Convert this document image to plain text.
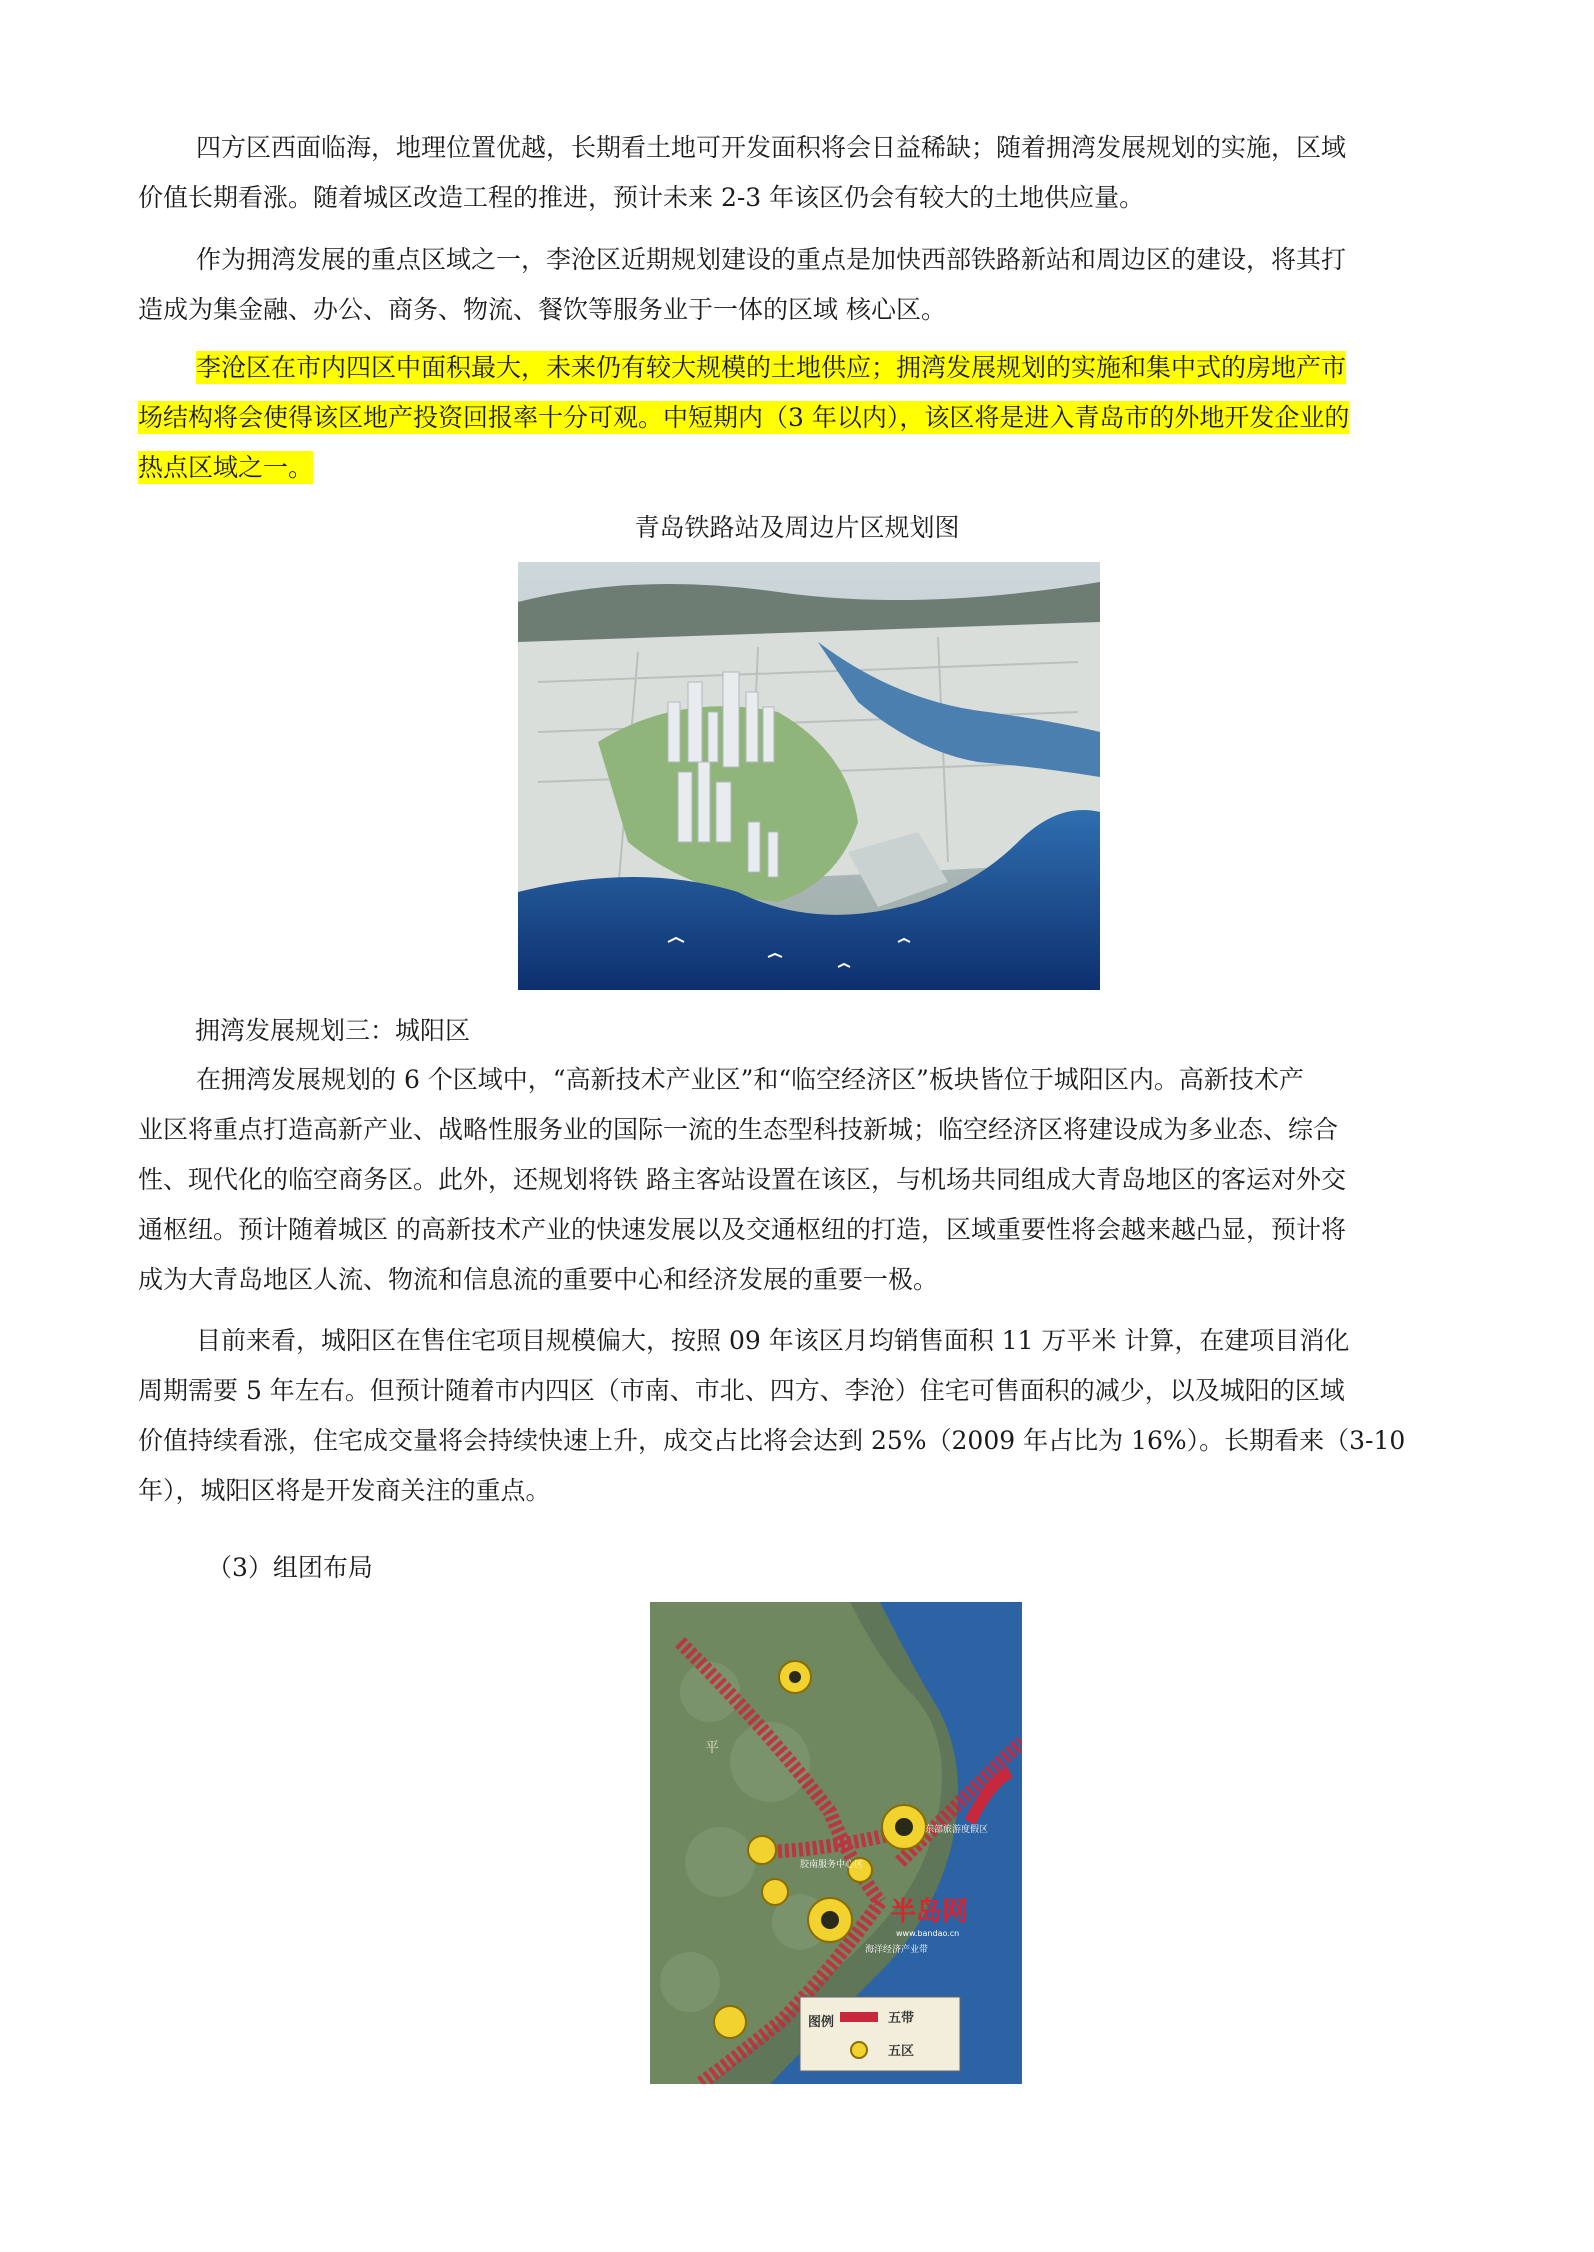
四方区西面临海，地理位置优越，长期看土地可开发面积将会日益稀缺；随着拥湾发展规划的实施，区域
价值长期看涨。随着城区改造工程的推进，预计未来 2-3 年该区仍会有较大的土地供应量。

作为拥湾发展的重点区域之一，李沧区近期规划建设的重点是加快西部铁路新站和周边区的建设，将其打
造成为集金融、办公、商务、物流、餐饮等服务业于一体的区域 核心区。

李沧区在市内四区中面积最大，未来仍有较大规模的土地供应；拥湾发展规划的实施和集中式的房地产市
场结构将会使得该区地产投资回报率十分可观。中短期内（3 年以内），该区将是进入青岛市的外地开发企业的
热点区域之一。

青岛铁路站及周边片区规划图
拥湾发展规划三：城阳区

在拥湾发展规划的 6 个区域中，“高新技术产业区”和“临空经济区”板块皆位于城阳区内。高新技术产
业区将重点打造高新产业、战略性服务业的国际一流的生态型科技新城；临空经济区将建设成为多业态、综合
性、现代化的临空商务区。此外，还规划将铁 路主客站设置在该区，与机场共同组成大青岛地区的客运对外交
通枢纽。预计随着城区 的高新技术产业的快速发展以及交通枢纽的打造，区域重要性将会越来越凸显，预计将
成为大青岛地区人流、物流和信息流的重要中心和经济发展的重要一极。

目前来看，城阳区在售住宅项目规模偏大，按照 09 年该区月均销售面积 11 万平米 计算，在建项目消化
周期需要 5 年左右。但预计随着市内四区（市南、市北、四方、李沧）住宅可售面积的减少，以及城阳的区域
价值持续看涨，住宅成交量将会持续快速上升，成交占比将会达到 25%（2009 年占比为 16%）。长期看来（3-10
年），城阳区将是开发商关注的重点。

（3）组团布局
平
海洋经济产业带
东部旅游度假区
胶南服务中心区
半岛网
www.bandao.cn
图例	五带
五区
